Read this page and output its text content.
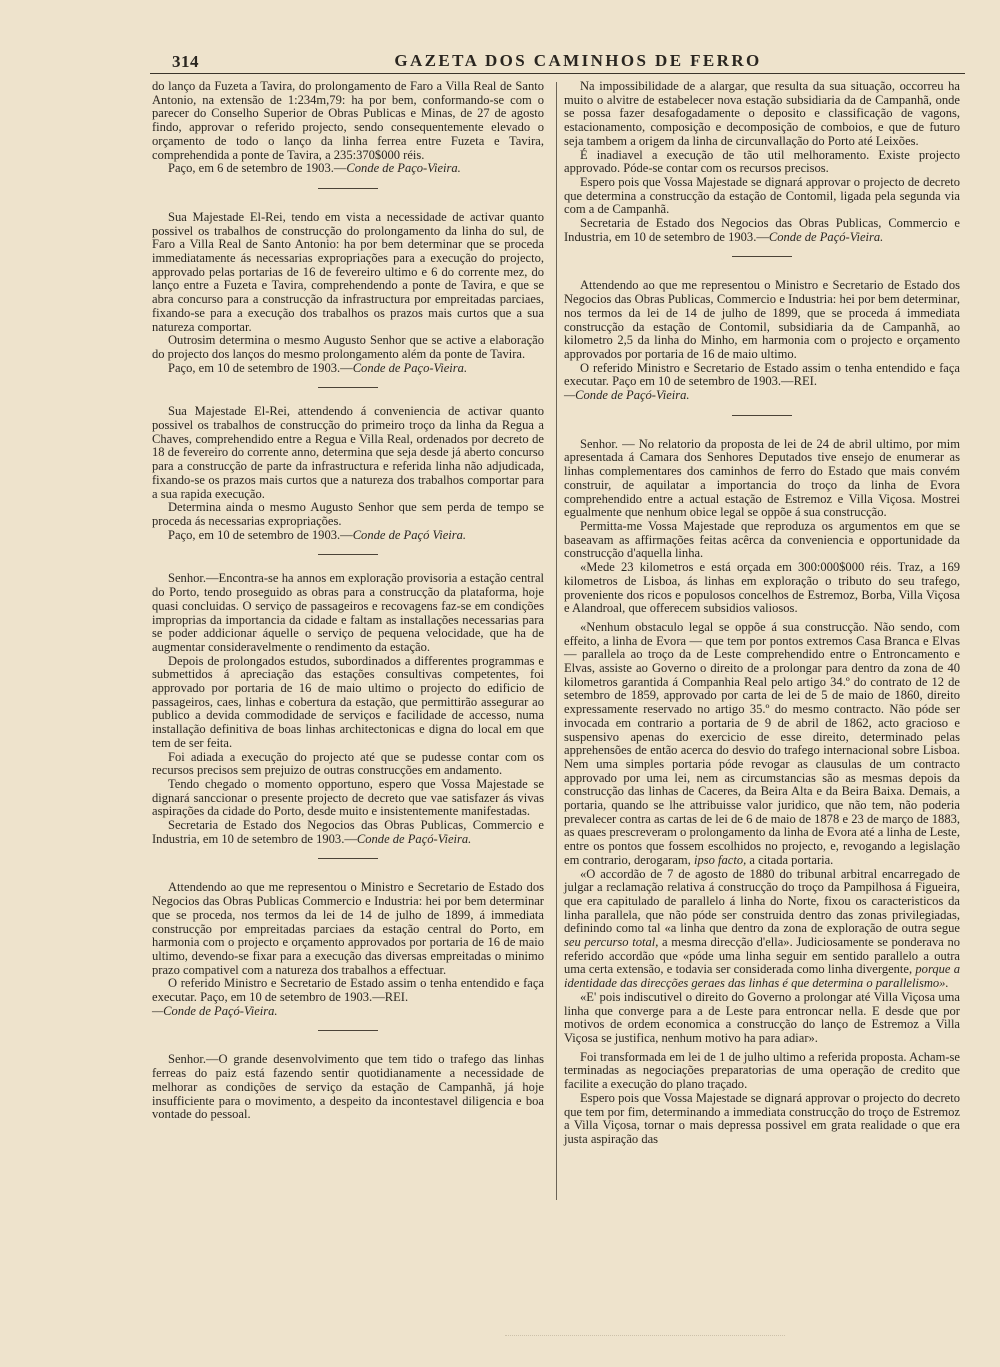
314	GAZETA DOS CAMINHOS DE FERRO

do lanço da Fuzeta a Tavira, do prolongamento de Faro a Villa Real de Santo Antonio, na extensão de 1:234m,79: ha por bem, conformando-se com o parecer do Conselho Superior de Obras Publicas e Minas, de 27 de agosto findo, approvar o referido projecto, sendo consequentemente elevado o orçamento de todo o lanço da linha ferrea entre Fuzeta e Tavira, comprehendida a ponte de Tavira, a 235:370$000 réis.

Paço, em 6 de setembro de 1903.—Conde de Paço-Vieira.

Sua Majestade El-Rei, tendo em vista a necessidade de activar quanto possivel os trabalhos de construcção do prolongamento da linha do sul, de Faro a Villa Real de Santo Antonio: ha por bem determinar que se proceda immediatamente ás necessarias expropriações para a execução do projecto, approvado pelas portarias de 16 de fevereiro ultimo e 6 do corrente mez, do lanço entre a Fuzeta e Tavira, comprehendendo a ponte de Tavira, e que se abra concurso para a construcção da infrastructura por empreitadas parciaes, fixando-se para a execução dos trabalhos os prazos mais curtos que a sua natureza comportar.

Outrosim determina o mesmo Augusto Senhor que se active a elaboração do projecto dos lanços do mesmo prolongamento além da ponte de Tavira.

Paço, em 10 de setembro de 1903.—Conde de Paço-Vieira.

Sua Majestade El-Rei, attendendo á conveniencia de activar quanto possivel os trabalhos de construcção do primeiro troço da linha da Regua a Chaves, comprehendido entre a Regua e Villa Real, ordenados por decreto de 18 de fevereiro do corrente anno, determina que seja desde já aberto concurso para a construcção de parte da infrastructura e referida linha não adjudicada, fixando-se os prazos mais curtos que a natureza dos trabalhos comportar para a sua rapida execução.

Determina ainda o mesmo Augusto Senhor que sem perda de tempo se proceda ás necessarias expropriações.

Paço, em 10 de setembro de 1903.—Conde de Paçó Vieira.

Senhor.—Encontra-se ha annos em exploração provisoria a estação central do Porto, tendo proseguido as obras para a construcção da plataforma, hoje quasi concluidas. O serviço de passageiros e recovagens faz-se em condições improprias da importancia da cidade e faltam as installações necessarias para se poder addicionar áquelle o serviço de pequena velocidade, que ha de augmentar consideravelmente o rendimento da estação.

Depois de prolongados estudos, subordinados a differentes programmas e submettidos á apreciação das estações consultivas competentes, foi approvado por portaria de 16 de maio ultimo o projecto do edificio de passageiros, caes, linhas e cobertura da estação, que permittirão assegurar ao publico a devida commodidade de serviços e facilidade de accesso, numa installação definitiva de boas linhas architectonicas e digna do local em que tem de ser feita.

Foi adiada a execução do projecto até que se pudesse contar com os recursos precisos sem prejuizo de outras construcções em andamento.

Tendo chegado o momento opportuno, espero que Vossa Majestade se dignará sanccionar o presente projecto de decreto que vae satisfazer ás vivas aspirações da cidade do Porto, desde muito e insistentemente manifestadas.

Secretaria de Estado dos Negocios das Obras Publicas, Commercio e Industria, em 10 de setembro de 1903.—Conde de Paçó-Vieira.

Attendendo ao que me representou o Ministro e Secretario de Estado dos Negocios das Obras Publicas Commercio e Industria: hei por bem determinar que se proceda, nos termos da lei de 14 de julho de 1899, á immediata construcção por empreitadas parciaes da estação central do Porto, em harmonia com o projecto e orçamento approvados por portaria de 16 de maio ultimo, devendo-se fixar para a execução das diversas empreitadas o minimo prazo compativel com a natureza dos trabalhos a effectuar.

O referido Ministro e Secretario de Estado assim o tenha entendido e faça executar. Paço, em 10 de setembro de 1903.—REI.

—Conde de Paçó-Vieira.

Senhor.—O grande desenvolvimento que tem tido o trafego das linhas ferreas do paiz está fazendo sentir quotidianamente a necessidade de melhorar as condições de serviço da estação de Campanhã, já hoje insufficiente para o movimento, a despeito da incontestavel diligencia e boa vontade do pessoal.

Na impossibilidade de a alargar, que resulta da sua situação, occorreu ha muito o alvitre de estabelecer nova estação subsidiaria da de Campanhã, onde se possa fazer desafogadamente o deposito e classificação de vagons, estacionamento, composição e decomposição de comboios, e que de futuro seja tambem a origem da linha de circunvallação do Porto até Leixões.

É inadiavel a execução de tão util melhoramento. Existe projecto approvado. Póde-se contar com os recursos precisos.

Espero pois que Vossa Majestade se dignará approvar o projecto de decreto que determina a construcção da estação de Contomil, ligada pela segunda via com a de Campanhã.

Secretaria de Estado dos Negocios das Obras Publicas, Commercio e Industria, em 10 de setembro de 1903.—Conde de Paçó-Vieira.

Attendendo ao que me representou o Ministro e Secretario de Estado dos Negocios das Obras Publicas, Commercio e Industria: hei por bem determinar, nos termos da lei de 14 de julho de 1899, que se proceda á immediata construcção da estação de Contomil, subsidiaria da de Campanhã, ao kilometro 2,5 da linha do Minho, em harmonia com o projecto e orçamento approvados por portaria de 16 de maio ultimo.

O referido Ministro e Secretario de Estado assim o tenha entendido e faça executar. Paço em 10 de setembro de 1903.—REI.

—Conde de Paçó-Vieira.

Senhor. — No relatorio da proposta de lei de 24 de abril ultimo, por mim apresentada á Camara dos Senhores Deputados tive ensejo de enumerar as linhas complementares dos caminhos de ferro do Estado que mais convém construir, de aquilatar a importancia do troço da linha de Evora comprehendido entre a actual estação de Estremoz e Villa Viçosa. Mostrei egualmente que nenhum obice legal se oppõe á sua construcção.

Permitta-me Vossa Majestade que reproduza os argumentos em que se baseavam as affirmações feitas acêrca da conveniencia e opportunidade da construcção d'aquella linha.

«Mede 23 kilometros e está orçada em 300:000$000 réis. Traz, a 169 kilometros de Lisboa, ás linhas em exploração o tributo do seu trafego, proveniente dos ricos e populosos concelhos de Estremoz, Borba, Villa Viçosa e Alandroal, que offerecem subsidios valiosos.

«Nenhum obstaculo legal se oppõe á sua construcção. Não sendo, com effeito, a linha de Evora — que tem por pontos extremos Casa Branca e Elvas — parallela ao troço da de Leste comprehendido entre o Entroncamento e Elvas, assiste ao Governo o direito de a prolongar para dentro da zona de 40 kilometros garantida á Companhia Real pelo artigo 34.º do contrato de 12 de setembro de 1859, approvado por carta de lei de 5 de maio de 1860, direito expressamente reservado no artigo 35.º do mesmo contracto. Não póde ser invocada em contrario a portaria de 9 de abril de 1862, acto gracioso e suspensivo apenas do exercicio de esse direito, determinado pelas apprehensões de então acerca do desvio do trafego internacional sobre Lisboa. Nem uma simples portaria póde revogar as clausulas de um contracto approvado por uma lei, nem as circumstancias são as mesmas depois da construcção das linhas de Caceres, da Beira Alta e da Beira Baixa. Demais, a portaria, quando se lhe attribuisse valor juridico, que não tem, não poderia prevalecer contra as cartas de lei de 6 de maio de 1878 e 23 de março de 1883, as quaes prescreveram o prolongamento da linha de Evora até a linha de Leste, entre os pontos que fossem escolhidos no projecto, e, revogando a legislação em contrario, derogaram, ipso facto, a citada portaria.

«O accordão de 7 de agosto de 1880 do tribunal arbitral encarregado de julgar a reclamação relativa á construcção do troço da Pampilhosa á Figueira, que era capitulado de parallelo á linha do Norte, fixou os caracteristicos da linha parallela, que não póde ser construida dentro das zonas privilegiadas, definindo como tal «a linha que dentro da zona de exploração de outra segue seu percurso total, a mesma direcção d'ella». Judiciosamente se ponderava no referido accordão que «póde uma linha seguir em sentido parallelo a outra uma certa extensão, e todavia ser considerada como linha divergente, porque a identidade das direcções geraes das linhas é que determina o parallelismo».

«E' pois indiscutivel o direito do Governo a prolongar até Villa Viçosa uma linha que converge para a de Leste para entroncar nella. E desde que por motivos de ordem economica a construcção do lanço de Estremoz a Villa Viçosa se justifica, nenhum motivo ha para adiar».

Foi transformada em lei de 1 de julho ultimo a referida proposta. Acham-se terminadas as negociações preparatorias de uma operação de credito que facilite a execução do plano traçado.

Espero pois que Vossa Majestade se dignará approvar o projecto do decreto que tem por fim, determinando a immediata construcção do troço de Estremoz a Villa Viçosa, tornar o mais depressa possivel em grata realidade o que era justa aspiração das
